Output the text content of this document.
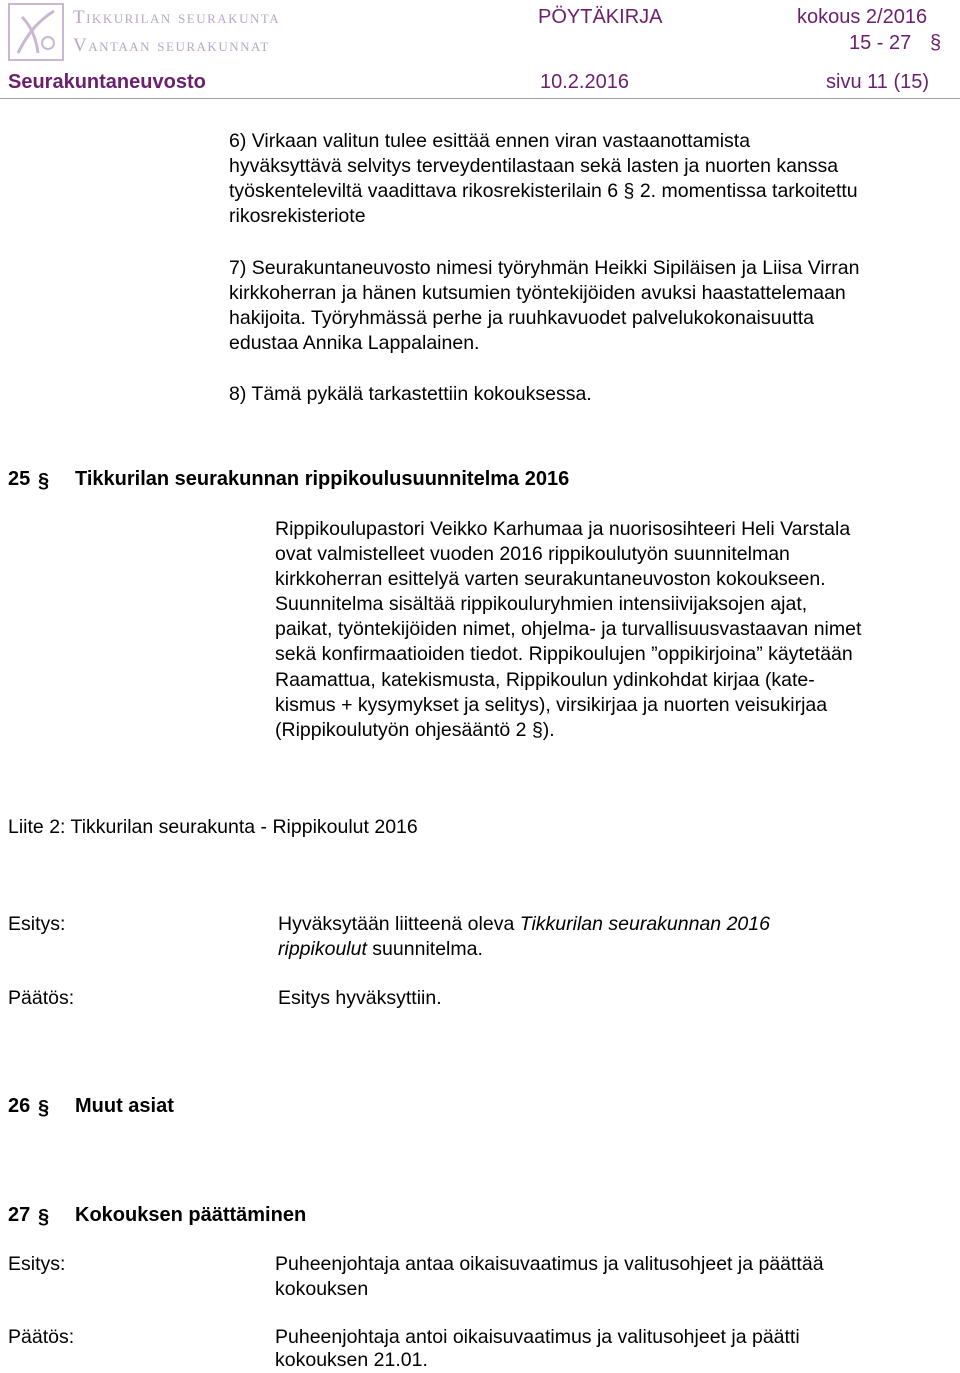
Tikkurilan seurakunta
Vantaan seurakunnat
PÖYTÄKIRJA	kokous 2/2016
15 - 27 §
Seurakuntaneuvosto	10.2.2016	sivu 11 (15)
6) Virkaan valitun tulee esittää ennen viran vastaanottamista
hyväksyttävä selvitys terveydentilastaan sekä lasten ja nuorten kanssa
työskenteleviltä vaadittava rikosrekisterilain 6 § 2. momentissa tarkoitettu
rikosrekisteriote
7) Seurakuntaneuvosto nimesi työryhmän Heikki Sipiläisen ja Liisa Virran
kirkkoherran ja hänen kutsumien työntekijöiden avuksi haastattelemaan
hakijoita. Työryhmässä perhe ja ruuhkavuodet palvelukokonaisuutta
edustaa Annika Lappalainen.
8) Tämä pykälä tarkastettiin kokouksessa.
25 § Tikkurilan seurakunnan rippikoulusuunnitelma 2016
Rippikoulupastori Veikko Karhumaa ja nuorisosihteeri Heli Varstala
ovat valmistelleet vuoden 2016 rippikoulutyön suunnitelman
kirkkoherran esittelyä varten seurakuntaneuvoston kokoukseen.
Suunnitelma sisältää rippikouluryhmien intensiivijaksojen ajat,
paikat, työntekijöiden nimet, ohjelma- ja turvallisuusvastaavan nimet
sekä konfirmaatioiden tiedot. Rippikoulujen ”oppikirjoina” käytetään
Raamattua, katekismusta, Rippikoulun ydinkohdat kirjaa (kate-
kismus + kysymykset ja selitys), virsikirjaa ja nuorten veisukirjaa
(Rippikoulutyön ohjesääntö 2 §).
Liite 2: Tikkurilan seurakunta - Rippikoulut 2016
Esitys:	Hyväksytään liitteenä oleva Tikkurilan seurakunnan 2016
rippikoulut suunnitelma.
Päätös:	Esitys hyväksyttiin.
26 § Muut asiat
27 § Kokouksen päättäminen
Esitys:	Puheenjohtaja antaa oikaisuvaatimus ja valitusohjeet ja päättää
kokouksen
Päätös:	Puheenjohtaja antoi oikaisuvaatimus ja valitusohjeet ja päätti
kokouksen 21.01.
